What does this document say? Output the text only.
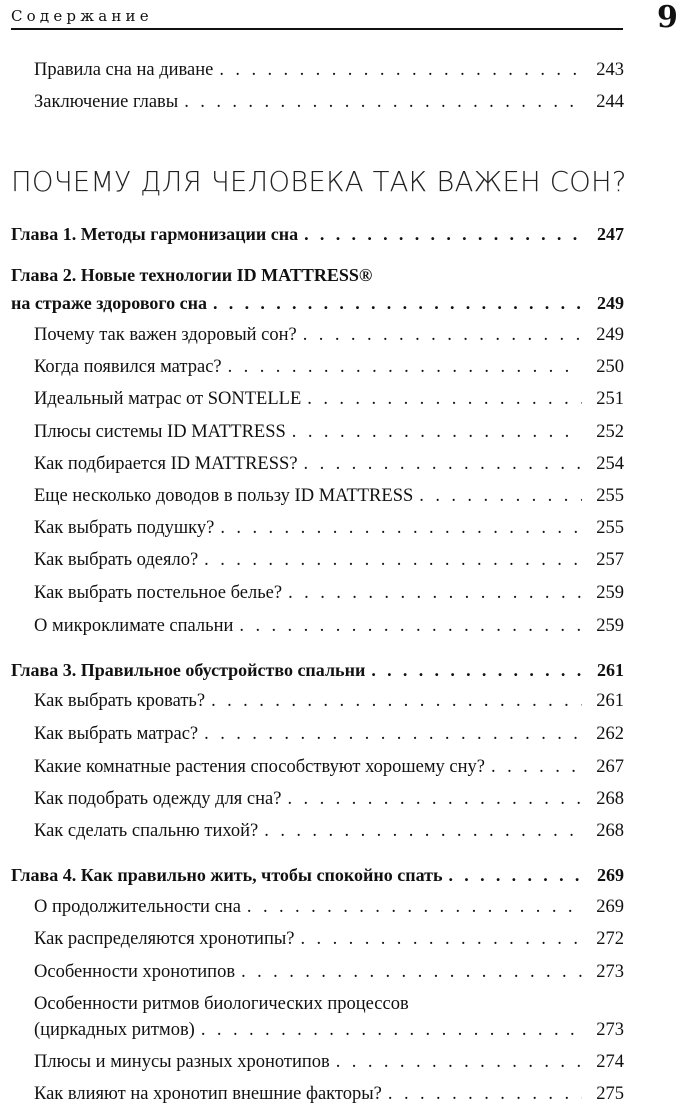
Содержание	9
Правила сна на диване . . .	243
Заключение главы . . .	244
ПОЧЕМУ ДЛЯ ЧЕЛОВЕКА ТАК ВАЖЕН СОН?
Глава 1. Методы гармонизации сна . . .	247
Глава 2. Новые технологии ID MATTRESS®
на страже здорового сна . . .	249
Почему так важен здоровый сон? . . .	249
Когда появился матрас? . . .	250
Идеальный матрас от SONTELLE . . .	251
Плюсы системы ID MATTRESS . . .	252
Как подбирается ID MATTRESS? . . .	254
Еще несколько доводов в пользу ID MATTRESS . . .	255
Как выбрать подушку? . . .	255
Как выбрать одеяло? . . .	257
Как выбрать постельное белье? . . .	259
О микроклимате спальни . . .	259
Глава 3. Правильное обустройство спальни . . .	261
Как выбрать кровать? . . .	261
Как выбрать матрас? . . .	262
Какие комнатные растения способствуют хорошему сну? . . .	267
Как подобрать одежду для сна? . . .	268
Как сделать спальню тихой? . . .	268
Глава 4. Как правильно жить, чтобы спокойно спать . . .	269
О продолжительности сна . . .	269
Как распределяются хронотипы? . . .	272
Особенности хронотипов . . .	273
Особенности ритмов биологических процессов
(циркадных ритмов) . . .	273
Плюсы и минусы разных хронотипов . . .	274
Как влияют на хронотип внешние факторы? . . .	275
